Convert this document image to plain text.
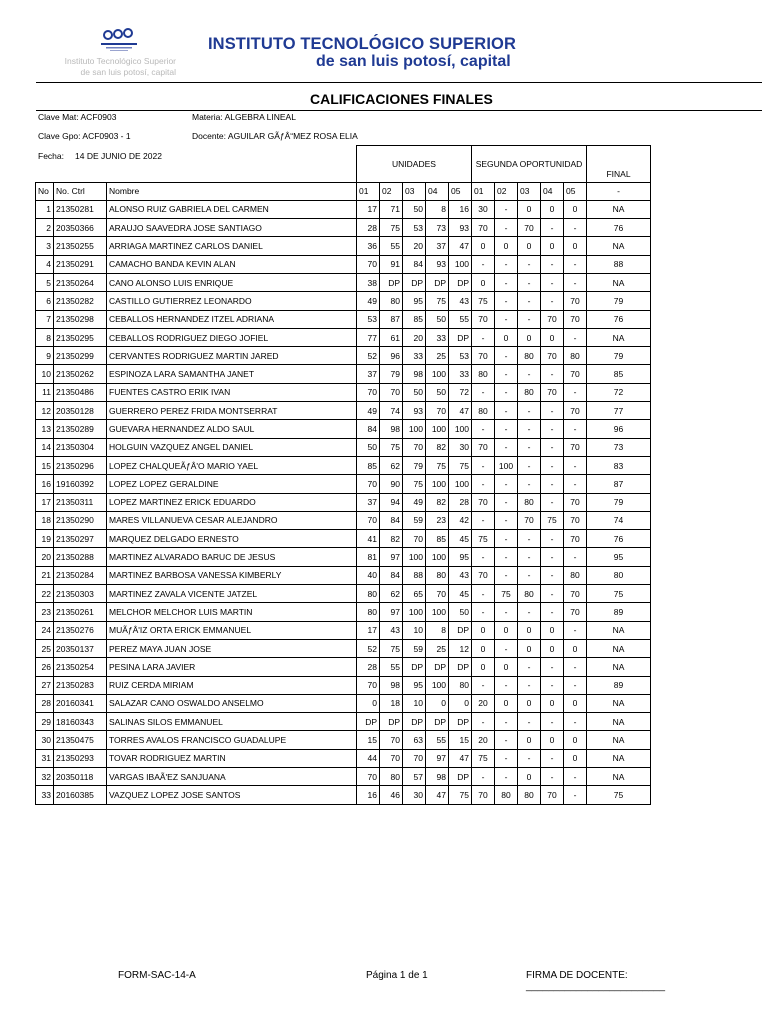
Instituto Tecnológico Superior
de san luis potosí, capital
INSTITUTO TECNOLÓGICO SUPERIOR
de san luis potosí, capital
CALIFICACIONES FINALES
Clave Mat: ACF0903	Materia: ALGEBRA LINEAL
Clave Gpo: ACF0903 - 1	Docente: AGUILAR GÃƒÂ“MEZ ROSA ELIA
Fecha: 14 DE JUNIO DE 2022
			UNIDADES					SEGUNDA OPORTUNIDAD					FINAL
No	No. Ctrl	Nombre	01	02	03	04	05	01	02	03	04	05	-
1	21350281	ALONSO RUIZ GABRIELA DEL CARMEN	17	71	50	8	16	30	-	0	0	0	NA
2	20350366	ARAUJO SAAVEDRA JOSE SANTIAGO	28	75	53	73	93	70	-	70	-	-	76
3	21350255	ARRIAGA MARTINEZ CARLOS DANIEL	36	55	20	37	47	0	0	0	0	0	NA
4	21350291	CAMACHO BANDA KEVIN ALAN	70	91	84	93	100	-	-	-	-	-	88
5	21350264	CANO ALONSO LUIS ENRIQUE	38	DP	DP	DP	DP	0	-	-	-	-	NA
6	21350282	CASTILLO GUTIERREZ LEONARDO	49	80	95	75	43	75	-	-	-	70	79
7	21350298	CEBALLOS HERNANDEZ ITZEL ADRIANA	53	87	85	50	55	70	-	-	70	70	76
8	21350295	CEBALLOS RODRIGUEZ DIEGO JOFIEL	77	61	20	33	DP	-	0	0	0	-	NA
9	21350299	CERVANTES RODRIGUEZ MARTIN JARED	52	96	33	25	53	70	-	80	70	80	79
10	21350262	ESPINOZA LARA SAMANTHA JANET	37	79	98	100	33	80	-	-	-	70	85
11	21350486	FUENTES CASTRO ERIK IVAN	70	70	50	50	72	-	-	80	70	-	72
12	20350128	GUERRERO PEREZ FRIDA MONTSERRAT	49	74	93	70	47	80	-	-	-	70	77
13	21350289	GUEVARA HERNANDEZ ALDO SAUL	84	98	100	100	100	-	-	-	-	-	96
14	21350304	HOLGUIN VAZQUEZ ANGEL DANIEL	50	75	70	82	30	70	-	-	-	70	73
15	21350296	LOPEZ CHALQUEÃƒÂ'O MARIO YAEL	85	62	79	75	75	-	100	-	-	-	83
16	19160392	LOPEZ LOPEZ GERALDINE	70	90	75	100	100	-	-	-	-	-	87
17	21350311	LOPEZ MARTINEZ ERICK EDUARDO	37	94	49	82	28	70	-	80	-	70	79
18	21350290	MARES VILLANUEVA CESAR ALEJANDRO	70	84	59	23	42	-	-	70	75	70	74
19	21350297	MARQUEZ DELGADO ERNESTO	41	82	70	85	45	75	-	-	-	70	76
20	21350288	MARTINEZ ALVARADO BARUC DE JESUS	81	97	100	100	95	-	-	-	-	-	95
21	21350284	MARTINEZ BARBOSA VANESSA KIMBERLY	40	84	88	80	43	70	-	-	-	80	80
22	21350303	MARTINEZ ZAVALA VICENTE JATZEL	80	62	65	70	45	-	75	80	-	70	75
23	21350261	MELCHOR MELCHOR LUIS MARTIN	80	97	100	100	50	-	-	-	-	70	89
24	21350276	MUÃƒÂ'IZ ORTA ERICK EMMANUEL	17	43	10	8	DP	0	0	0	0	-	NA
25	20350137	PEREZ MAYA JUAN JOSE	52	75	59	25	12	0	-	0	0	0	NA
26	21350254	PESINA LARA JAVIER	28	55	DP	DP	DP	0	0	-	-	-	NA
27	21350283	RUIZ CERDA MIRIAM	70	98	95	100	80	-	-	-	-	-	89
28	20160341	SALAZAR CANO OSWALDO ANSELMO	0	18	10	0	0	20	0	0	0	0	NA
29	18160343	SALINAS SILOS EMMANUEL	DP	DP	DP	DP	DP	-	-	-	-	-	NA
30	21350475	TORRES AVALOS FRANCISCO GUADALUPE	15	70	63	55	15	20	-	0	0	0	NA
31	21350293	TOVAR RODRIGUEZ MARTIN	44	70	70	97	47	75	-	-	-	0	NA
32	20350118	VARGAS IBAÃ'EZ SANJUANA	70	80	57	98	DP	-	-	0	-	-	NA
33	20160385	VAZQUEZ LOPEZ JOSE SANTOS	16	46	30	47	75	70	80	80	70	-	75
FORM-SAC-14-A	Página 1 de 1	FIRMA DE DOCENTE: _________________________
